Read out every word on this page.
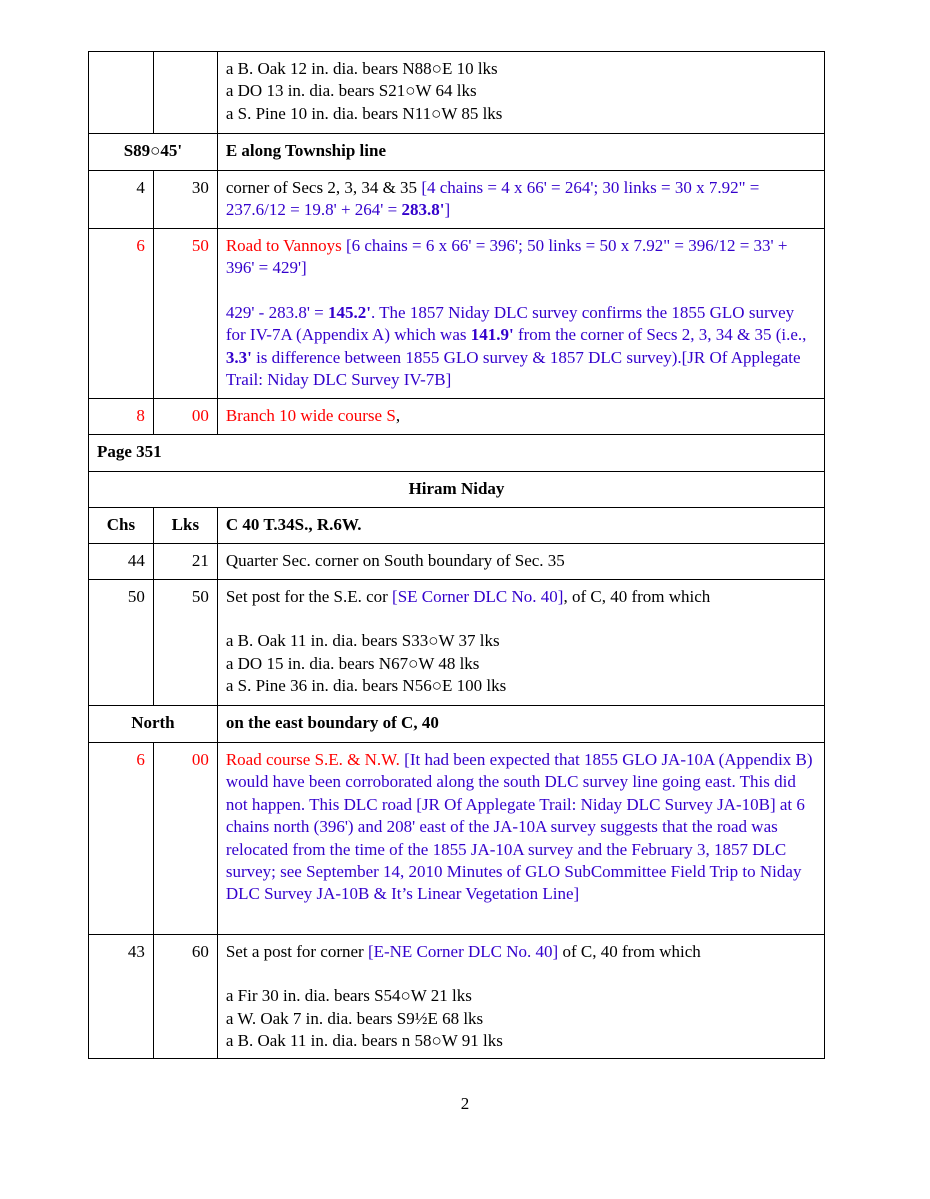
		a B. Oak 12 in. dia. bears N88○E 10 lks
a DO 13 in. dia. bears S21○W 64 lks
a S. Pine 10 in. dia. bears N11○W 85 lks

S89○45'		E along Township line
4	30	corner of Secs 2, 3, 34 & 35 [4 chains = 4 x 66' = 264'; 30 links = 30 x 7.92" = 237.6/12 = 19.8' + 264' = 283.8']
6	50	Road to Vannoys [6 chains = 6 x 66' = 396'; 50 links = 50 x 7.92" = 396/12 = 33' + 396' = 429']
429' - 283.8' = 145.2'. The 1857 Niday DLC survey confirms the 1855 GLO survey for IV-7A (Appendix A) which was 141.9' from the corner of Secs 2, 3, 34 & 35 (i.e., 3.3' is difference between 1855 GLO survey & 1857 DLC survey).[JR Of Applegate Trail: Niday DLC Survey IV-7B]

8	00	Branch 10 wide course S,
Page 351		
Hiram Niday		
Chs	Lks	C 40 T.34S., R.6W.
44	21	Quarter Sec. corner on South boundary of Sec. 35
50	50	Set post for the S.E. cor [SE Corner DLC No. 40], of C, 40 from which
a B. Oak 11 in. dia. bears S33○W 37 lks
a DO 15 in. dia. bears N67○W 48 lks
a S. Pine 36 in. dia. bears N56○E 100 lks

North		on the east boundary of C, 40
6	00	Road course S.E. & N.W. [It had been expected that 1855 GLO JA-10A (Appendix B) would have been corroborated along the south DLC survey line going east. This did not happen. This DLC road [JR Of Applegate Trail: Niday DLC Survey JA-10B] at 6 chains north (396') and 208' east of the JA-10A survey suggests that the road was relocated from the time of the 1855 JA-10A survey and the February 3, 1857 DLC survey; see September 14, 2010 Minutes of GLO SubCommittee Field Trip to Niday DLC Survey JA-10B & It’s Linear Vegetation Line]
43	60	Set a post for corner [E-NE Corner DLC No. 40] of C, 40 from which
a Fir 30 in. dia. bears S54○W 21 lks
a W. Oak 7 in. dia. bears S9½E 68 lks
a B. Oak 11 in. dia. bears n 58○W 91 lks
2
